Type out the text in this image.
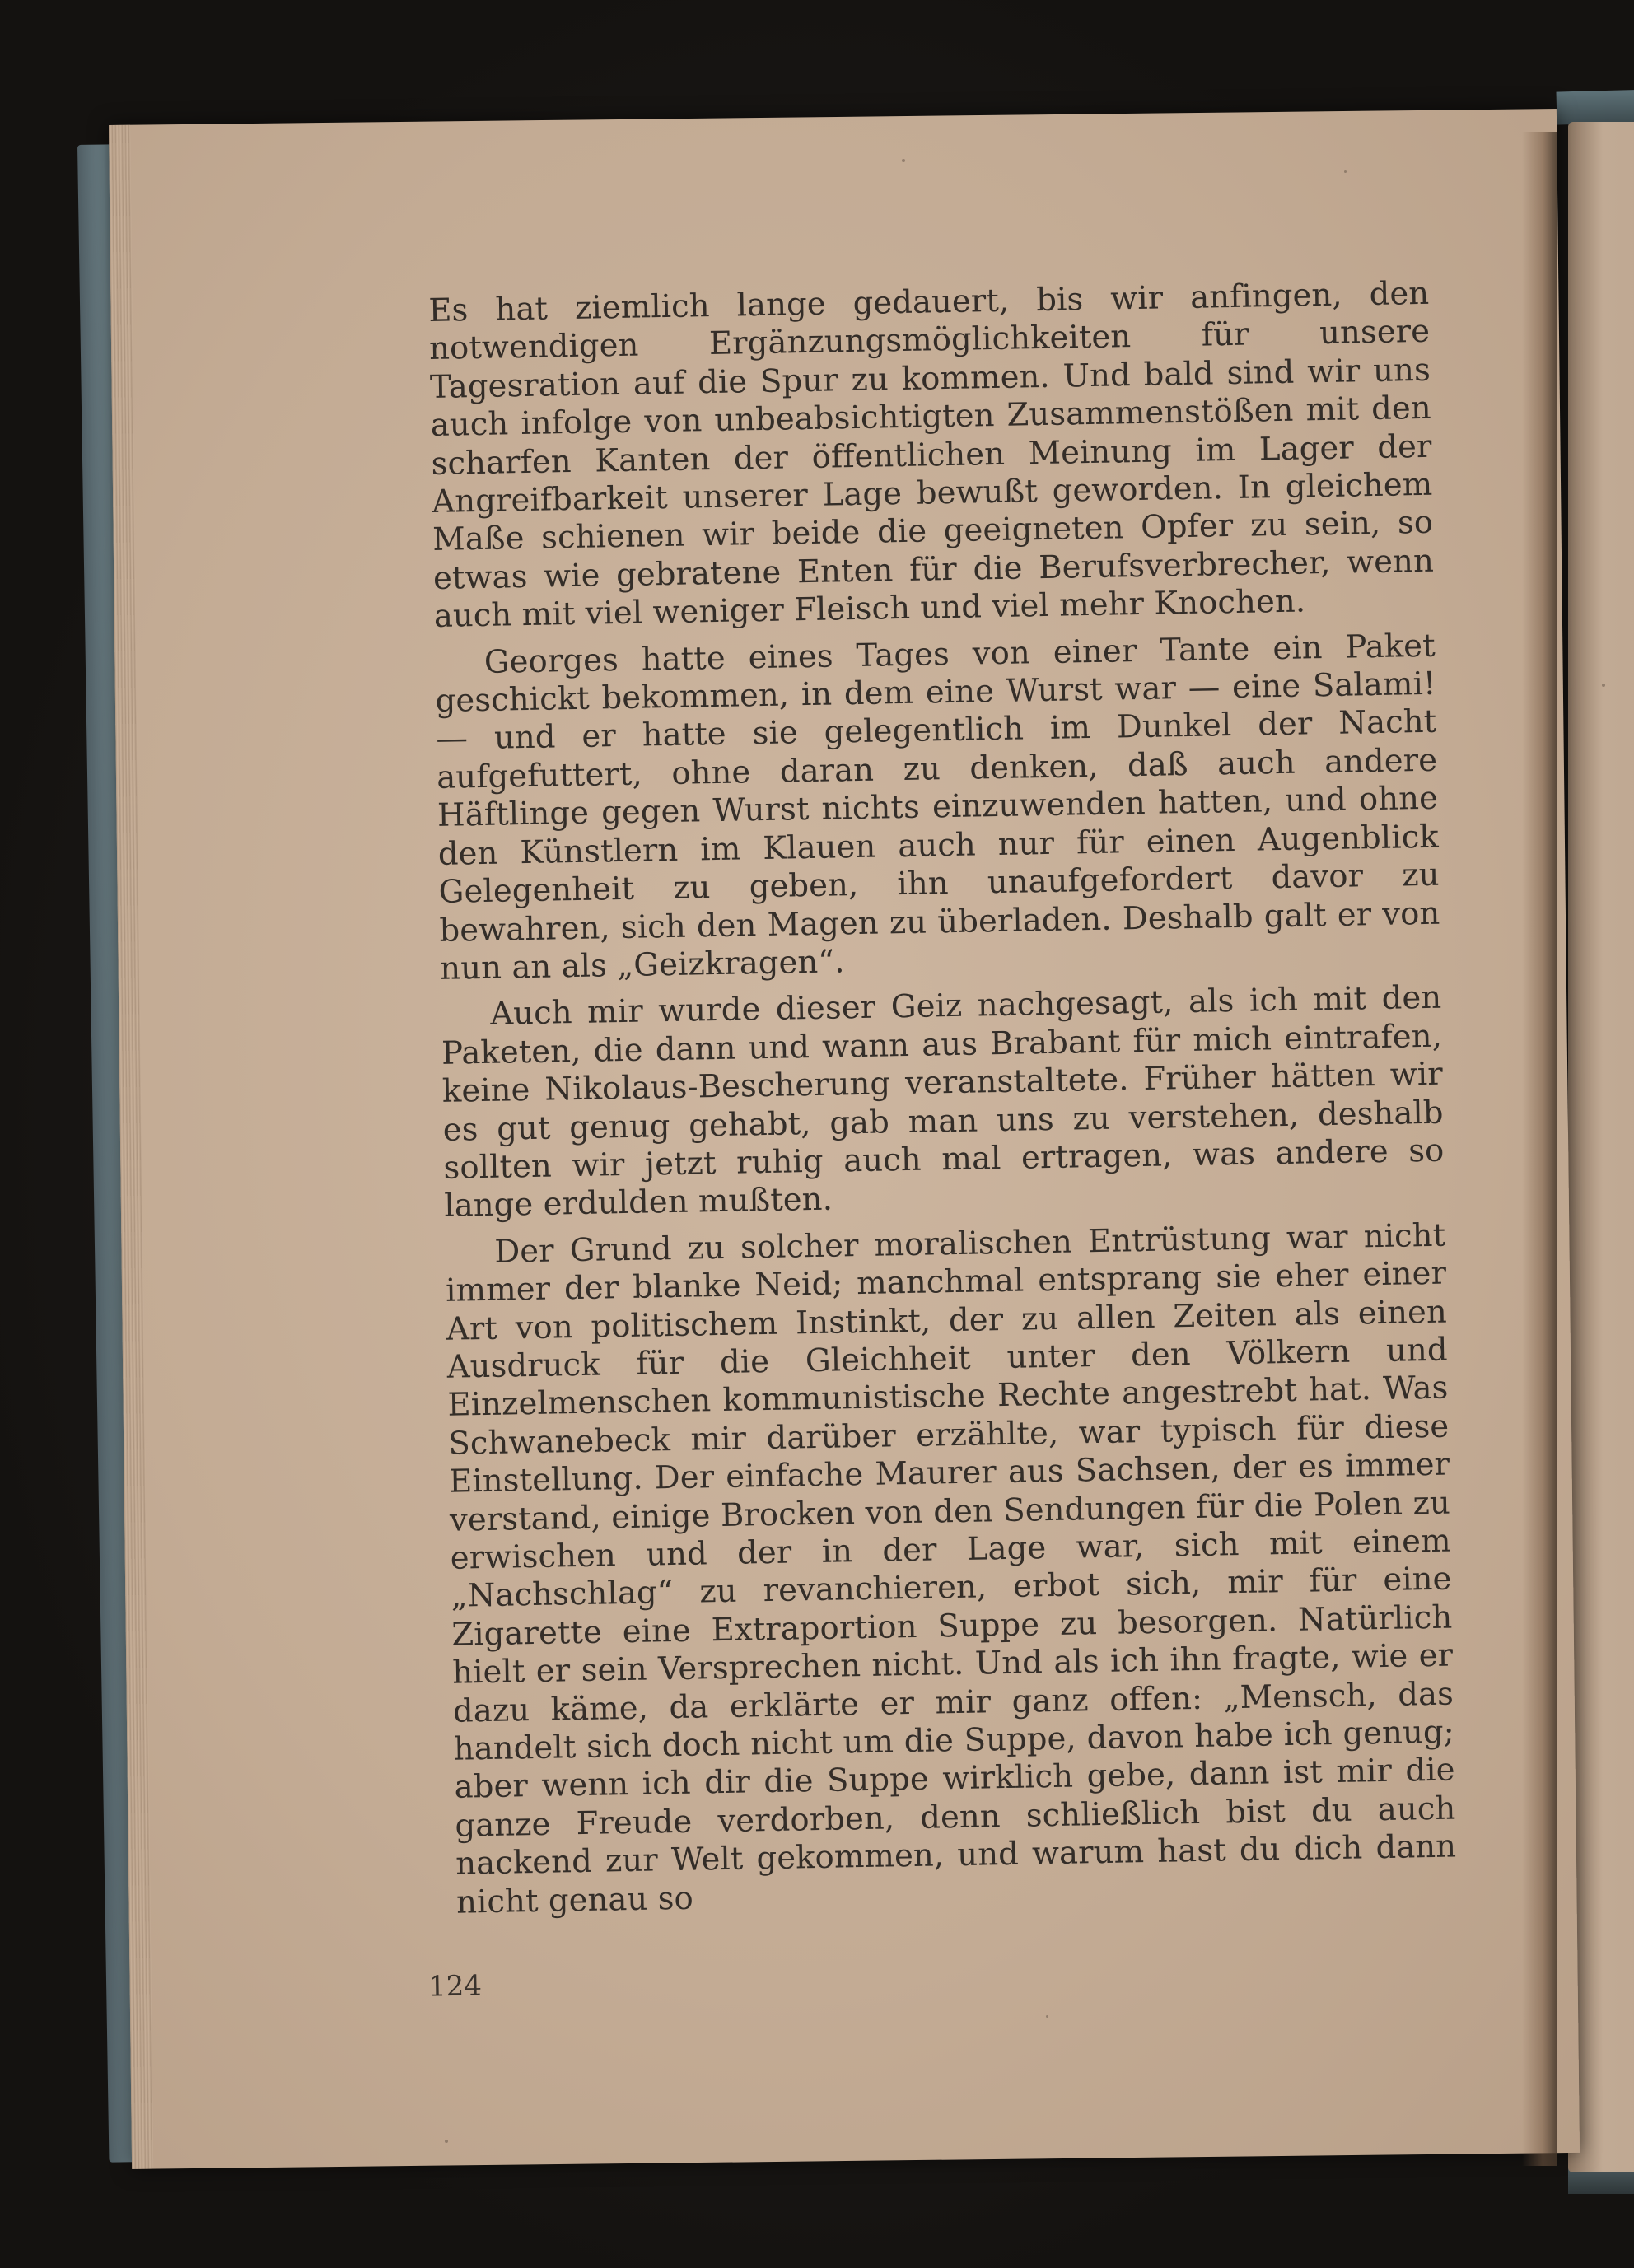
Es hat ziemlich lange gedauert, bis wir anfingen, den notwendigen Ergänzungsmöglichkeiten für unsere Tagesration auf die Spur zu kommen. Und bald sind wir uns auch infolge von unbeabsichtigten Zusammenstößen mit den scharfen Kanten der öffentlichen Meinung im Lager der Angreifbarkeit unserer Lage bewußt geworden. In gleichem Maße schienen wir beide die geeigneten Opfer zu sein, so etwas wie gebratene Enten für die Berufsverbrecher, wenn auch mit viel weniger Fleisch und viel mehr Knochen.

Georges hatte eines Tages von einer Tante ein Paket geschickt bekommen, in dem eine Wurst war — eine Salami! — und er hatte sie gelegentlich im Dunkel der Nacht aufgefuttert, ohne daran zu denken, daß auch andere Häftlinge gegen Wurst nichts einzuwenden hatten, und ohne den Künstlern im Klauen auch nur für einen Augenblick Gelegenheit zu geben, ihn unaufgefordert davor zu bewahren, sich den Magen zu überladen. Deshalb galt er von nun an als „Geizkragen“.

Auch mir wurde dieser Geiz nachgesagt, als ich mit den Paketen, die dann und wann aus Brabant für mich eintrafen, keine Nikolaus-Bescherung veranstaltete. Früher hätten wir es gut genug gehabt, gab man uns zu verstehen, deshalb sollten wir jetzt ruhig auch mal ertragen, was andere so lange erdulden mußten.

Der Grund zu solcher moralischen Entrüstung war nicht immer der blanke Neid; manchmal entsprang sie eher einer Art von politischem Instinkt, der zu allen Zeiten als einen Ausdruck für die Gleichheit unter den Völkern und Einzelmenschen kommunistische Rechte angestrebt hat. Was Schwanebeck mir darüber erzählte, war typisch für diese Einstellung. Der einfache Maurer aus Sachsen, der es immer verstand, einige Brocken von den Sendungen für die Polen zu erwischen und der in der Lage war, sich mit einem „Nachschlag“ zu revanchieren, erbot sich, mir für eine Zigarette eine Extraportion Suppe zu besorgen. Natürlich hielt er sein Versprechen nicht. Und als ich ihn fragte, wie er dazu käme, da erklärte er mir ganz offen: „Mensch, das handelt sich doch nicht um die Suppe, davon habe ich genug; aber wenn ich dir die Suppe wirklich gebe, dann ist mir die ganze Freude verdorben, denn schließlich bist du auch nackend zur Welt gekommen, und warum hast du dich dann nicht genau so

124
